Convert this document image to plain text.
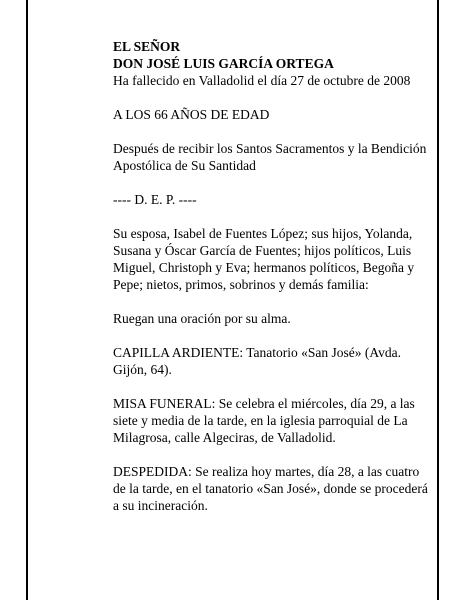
EL SEÑOR
DON JOSÉ LUIS GARCÍA ORTEGA
Ha fallecido en Valladolid el día 27 de octubre de 2008

A LOS 66 AÑOS DE EDAD

Después de recibir los Santos Sacramentos y la Bendición Apostólica de Su Santidad

---- D. E. P. ----

Su esposa, Isabel de Fuentes López; sus hijos, Yolanda, Susana y Óscar García de Fuentes; hijos políticos, Luis Miguel, Christoph y Eva; hermanos políticos, Begoña y Pepe; nietos, primos, sobrinos y demás familia:

Ruegan una oración por su alma.

CAPILLA ARDIENTE: Tanatorio «San José» (Avda. Gijón, 64).

MISA FUNERAL: Se celebra el miércoles, día 29, a las siete y media de la tarde, en la iglesia parroquial de La Milagrosa, calle Algeciras, de Valladolid.

DESPEDIDA: Se realiza hoy martes, día 28, a las cuatro de la tarde, en el tanatorio «San José», donde se procederá a su incineración.
